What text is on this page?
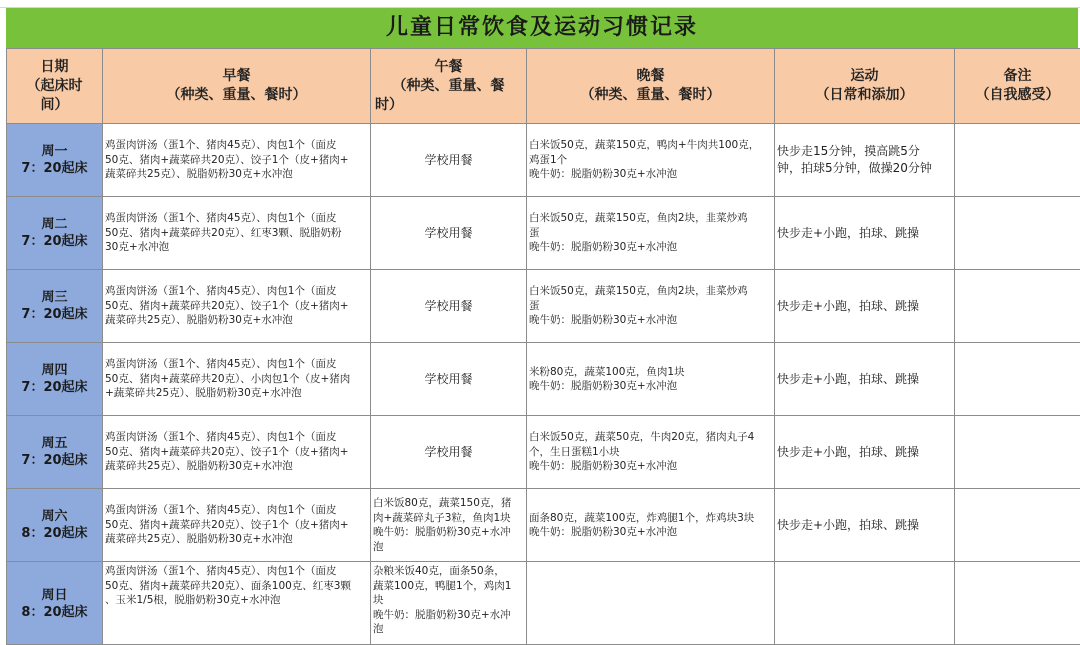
儿童日常饮食及运动习惯记录
日期
（起床时
间）	早餐
（种类、重量、餐时）	午餐
（种类、重量、餐
时）	晚餐
（种类、重量、餐时）	运动
（日常和添加）	备注
（自我感受）

周一
7：20起床	鸡蛋肉饼汤（蛋1个、猪肉45克）、肉包1个（面皮
50克、猪肉+蔬菜碎共20克）、饺子1个（皮+猪肉+
蔬菜碎共25克）、脱脂奶粉30克+水冲泡	学校用餐	白米饭50克，蔬菜150克，鸭肉+牛肉共100克，
鸡蛋1个
晚牛奶：脱脂奶粉30克+水冲泡	快步走15分钟，摸高跳5分
钟，拍球5分钟，做操20分钟	

周二
7：20起床	鸡蛋肉饼汤（蛋1个、猪肉45克）、肉包1个（面皮
50克、猪肉+蔬菜碎共20克）、红枣3颗、脱脂奶粉
30克+水冲泡	学校用餐	白米饭50克，蔬菜150克，鱼肉2块，韭菜炒鸡
蛋
晚牛奶：脱脂奶粉30克+水冲泡	快步走+小跑，拍球、跳操	

周三
7：20起床	鸡蛋肉饼汤（蛋1个、猪肉45克）、肉包1个（面皮
50克、猪肉+蔬菜碎共20克）、饺子1个（皮+猪肉+
蔬菜碎共25克）、脱脂奶粉30克+水冲泡	学校用餐	白米饭50克，蔬菜150克，鱼肉2块，韭菜炒鸡
蛋
晚牛奶：脱脂奶粉30克+水冲泡	快步走+小跑，拍球、跳操	

周四
7：20起床	鸡蛋肉饼汤（蛋1个、猪肉45克）、肉包1个（面皮
50克、猪肉+蔬菜碎共20克）、小肉包1个（皮+猪肉
+蔬菜碎共25克）、脱脂奶粉30克+水冲泡	学校用餐	米粉80克，蔬菜100克，鱼肉1块
晚牛奶：脱脂奶粉30克+水冲泡	快步走+小跑，拍球、跳操	

周五
7：20起床	鸡蛋肉饼汤（蛋1个、猪肉45克）、肉包1个（面皮
50克、猪肉+蔬菜碎共20克）、饺子1个（皮+猪肉+
蔬菜碎共25克）、脱脂奶粉30克+水冲泡	学校用餐	白米饭50克，蔬菜50克，牛肉20克，猪肉丸子4
个，生日蛋糕1小块
晚牛奶：脱脂奶粉30克+水冲泡	快步走+小跑，拍球、跳操	

周六
8：20起床	鸡蛋肉饼汤（蛋1个、猪肉45克）、肉包1个（面皮
50克、猪肉+蔬菜碎共20克）、饺子1个（皮+猪肉+
蔬菜碎共25克）、脱脂奶粉30克+水冲泡	白米饭80克，蔬菜150克，猪
肉+蔬菜碎丸子3粒，鱼肉1块
晚牛奶：脱脂奶粉30克+水冲
泡	面条80克，蔬菜100克，炸鸡腿1个，炸鸡块3块
晚牛奶：脱脂奶粉30克+水冲泡	快步走+小跑，拍球、跳操	

周日
8：20起床	鸡蛋肉饼汤（蛋1个、猪肉45克）、肉包1个（面皮
50克、猪肉+蔬菜碎共20克）、面条100克、红枣3颗
、玉米1/5根，脱脂奶粉30克+水冲泡	杂粮米饭40克，面条50条，
蔬菜100克，鸭腿1个，鸡肉1
块
晚牛奶：脱脂奶粉30克+水冲
泡			
